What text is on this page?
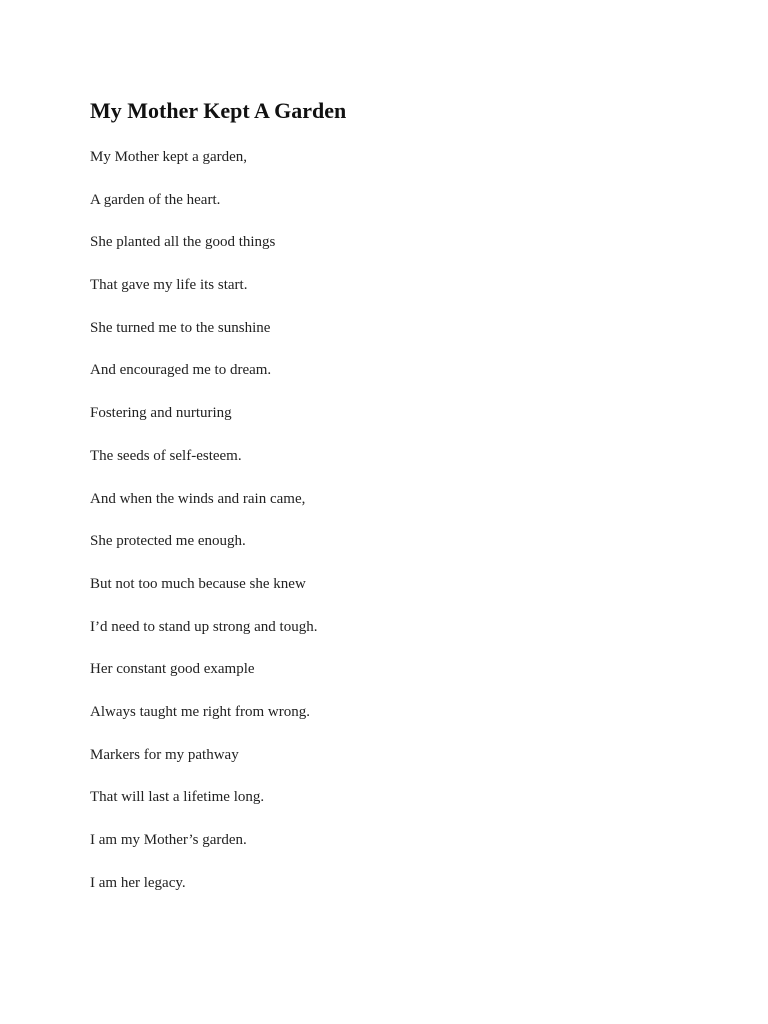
My Mother Kept A Garden
My Mother kept a garden,
A garden of the heart.
She planted all the good things
That gave my life its start.
She turned me to the sunshine
And encouraged me to dream.
Fostering and nurturing
The seeds of self-esteem.
And when the winds and rain came,
She protected me enough.
But not too much because she knew
I’d need to stand up strong and tough.
Her constant good example
Always taught me right from wrong.
Markers for my pathway
That will last a lifetime long.
I am my Mother’s garden.
I am her legacy.
